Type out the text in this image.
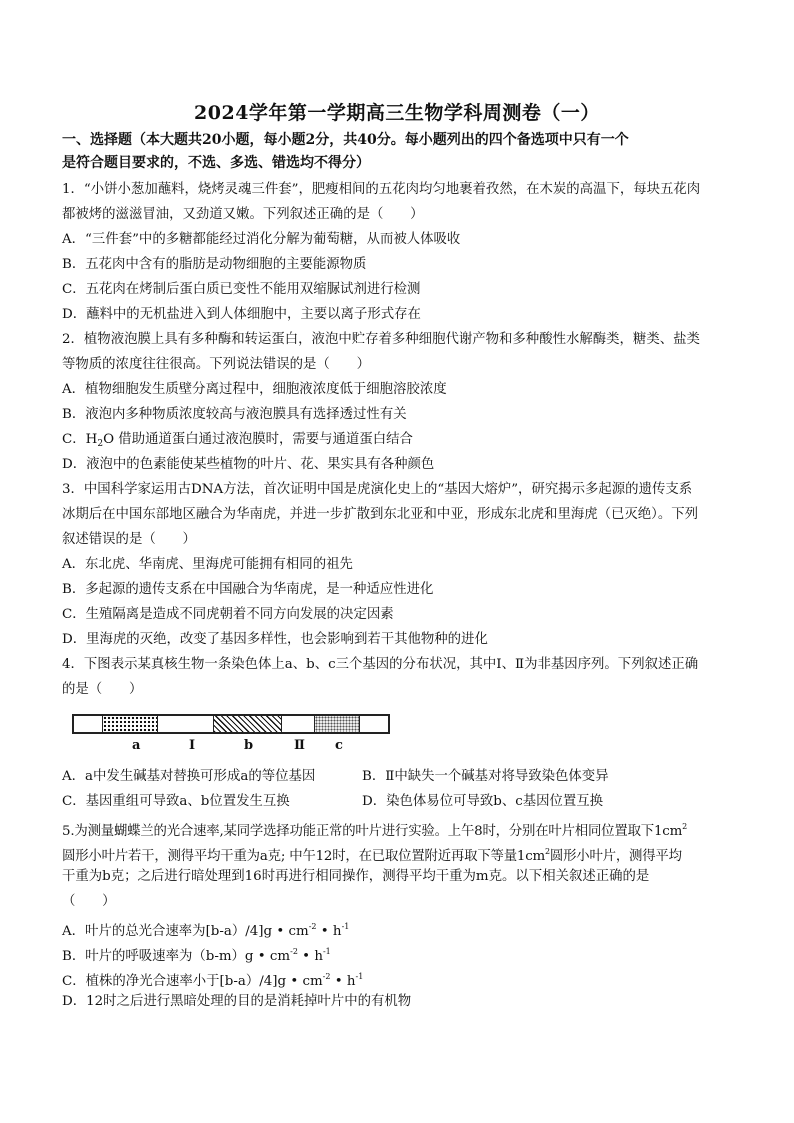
2024学年第一学期高三生物学科周测卷（一）
一、选择题（本大题共20小题，每小题2分，共40分。每小题列出的四个备选项中只有一个
是符合题目要求的，不选、多选、错选均不得分）
1．“小饼小葱加蘸料，烧烤灵魂三件套”，肥瘦相间的五花肉均匀地裹着孜然，在木炭的高温下，每块五花肉
都被烤的滋滋冒油，又劲道又嫩。下列叙述正确的是（　　）
A．“三件套”中的多糖都能经过消化分解为葡萄糖，从而被人体吸收
B．五花肉中含有的脂肪是动物细胞的主要能源物质
C．五花肉在烤制后蛋白质已变性不能用双缩脲试剂进行检测
D．蘸料中的无机盐进入到人体细胞中，主要以离子形式存在
2．植物液泡膜上具有多种酶和转运蛋白，液泡中贮存着多种细胞代谢产物和多种酸性水解酶类，糖类、盐类
等物质的浓度往往很高。下列说法错误的是（　　）
A．植物细胞发生质壁分离过程中，细胞液浓度低于细胞溶胶浓度
B．液泡内多种物质浓度较高与液泡膜具有选择透过性有关
C．$H_2O$ 借助通道蛋白通过液泡膜时，需要与通道蛋白结合
D．液泡中的色素能使某些植物的叶片、花、果实具有各种颜色
3．中国科学家运用古DNA方法，首次证明中国是虎演化史上的“基因大熔炉”，研究揭示多起源的遗传支系
冰期后在中国东部地区融合为华南虎，并进一步扩散到东北亚和中亚，形成东北虎和里海虎（已灭绝）。下列
叙述错误的是（　　）
A．东北虎、华南虎、里海虎可能拥有相同的祖先
B．多起源的遗传支系在中国融合为华南虎，是一种适应性进化
C．生殖隔离是造成不同虎朝着不同方向发展的决定因素
D．里海虎的灭绝，改变了基因多样性，也会影响到若干其他物种的进化
4．下图表示某真核生物一条染色体上a、b、c三个基因的分布状况，其中Ⅰ、Ⅱ为非基因序列。下列叙述正确
的是（　　）
a	Ⅰ	b	Ⅱ c
A．a中发生碱基对替换可形成a的等位基因	B．Ⅱ中缺失一个碱基对将导致染色体变异
C．基因重组可导致a、b位置发生互换	D．染色体易位可导致b、c基因位置互换
5.为测量蝴蝶兰的光合速率,某同学选择功能正常的叶片进行实验。上午8时，分别在叶片相同位置取下$1cm^2$
圆形小叶片若干，测得平均干重为a克; 中午12时，在已取位置附近再取下等量$1cm^2$圆形小叶片，测得平均
干重为b克；之后进行暗处理到16时再进行相同操作，测得平均干重为m克。以下相关叙述正确的是
（　　）
A．叶片的总光合速率为[b-a）/4]g • $cm^{-2}$ • $h^{-1}$
B．叶片的呼吸速率为（b-m）g • $cm^{-2}$ • $h^{-1}$
C．植株的净光合速率小于[b-a）/4]g • $cm^{-2}$ • $h^{-1}$
D．12时之后进行黑暗处理的目的是消耗掉叶片中的有机物
